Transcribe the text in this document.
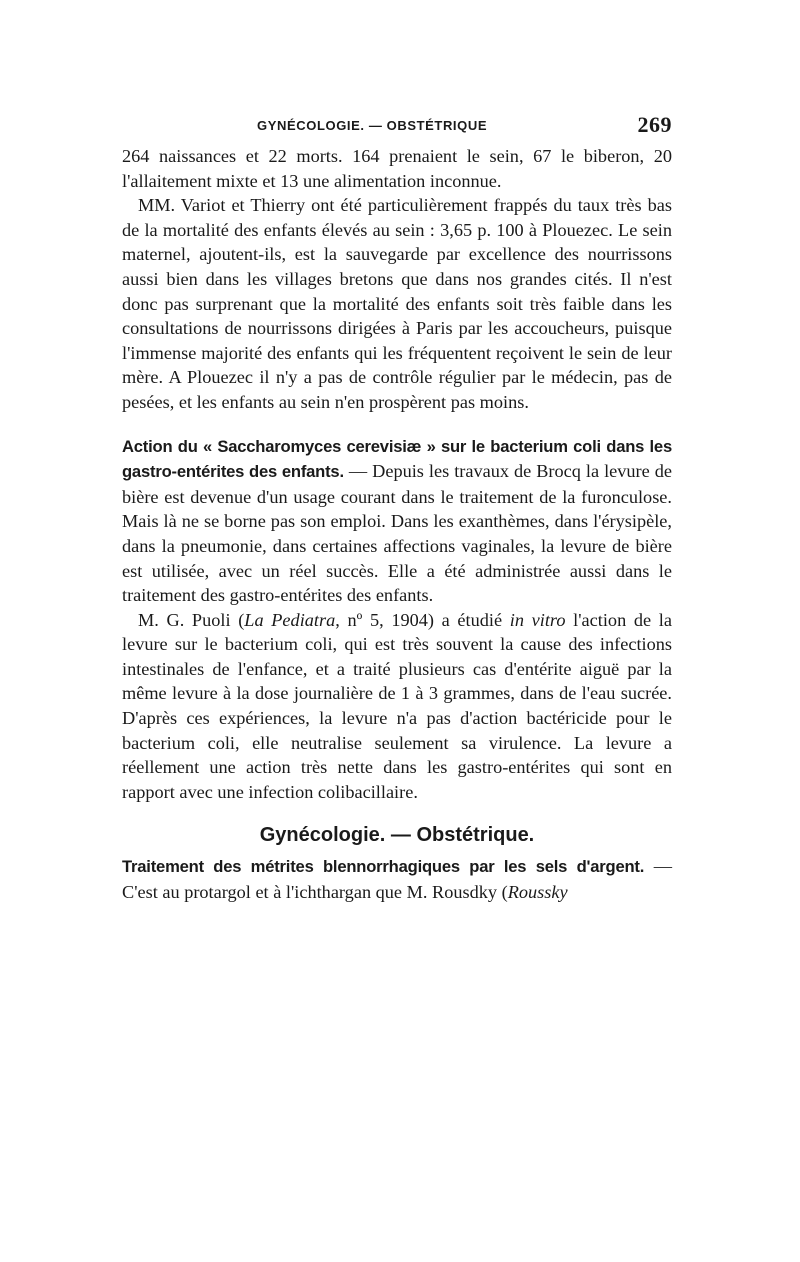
GYNÉCOLOGIE. — OBSTÉTRIQUE	269

264 naissances et 22 morts. 164 prenaient le sein, 67 le biberon, 20 l'allaitement mixte et 13 une alimentation inconnue.

MM. Variot et Thierry ont été particulièrement frappés du taux très bas de la mortalité des enfants élevés au sein : 3,65 p. 100 à Plouezec. Le sein maternel, ajoutent-ils, est la sauvegarde par excellence des nourrissons aussi bien dans les villages bretons que dans nos grandes cités. Il n'est donc pas surprenant que la mortalité des enfants soit très faible dans les consultations de nourrissons dirigées à Paris par les accoucheurs, puisque l'immense majorité des enfants qui les fréquentent reçoivent le sein de leur mère. A Plouezec il n'y a pas de contrôle régulier par le médecin, pas de pesées, et les enfants au sein n'en prospèrent pas moins.

Action du « Saccharomyces cerevisiæ » sur le bacterium coli dans les gastro-entérites des enfants. — Depuis les travaux de Brocq la levure de bière est devenue d'un usage courant dans le traitement de la furonculose. Mais là ne se borne pas son emploi. Dans les exanthèmes, dans l'érysipèle, dans la pneumonie, dans certaines affections vaginales, la levure de bière est utilisée, avec un réel succès. Elle a été administrée aussi dans le traitement des gastro-entérites des enfants.

M. G. Puoli (La Pediatra, nº 5, 1904) a étudié in vitro l'action de la levure sur le bacterium coli, qui est très souvent la cause des infections intestinales de l'enfance, et a traité plusieurs cas d'entérite aiguë par la même levure à la dose journalière de 1 à 3 grammes, dans de l'eau sucrée. D'après ces expériences, la levure n'a pas d'action bactéricide pour le bacterium coli, elle neutralise seulement sa virulence. La levure a réellement une action très nette dans les gastro-entérites qui sont en rapport avec une infection colibacillaire.

Gynécologie. — Obstétrique.

Traitement des métrites blennorrhagiques par les sels d'argent. — C'est au protargol et à l'ichthargan que M. Rousdky (Roussky
